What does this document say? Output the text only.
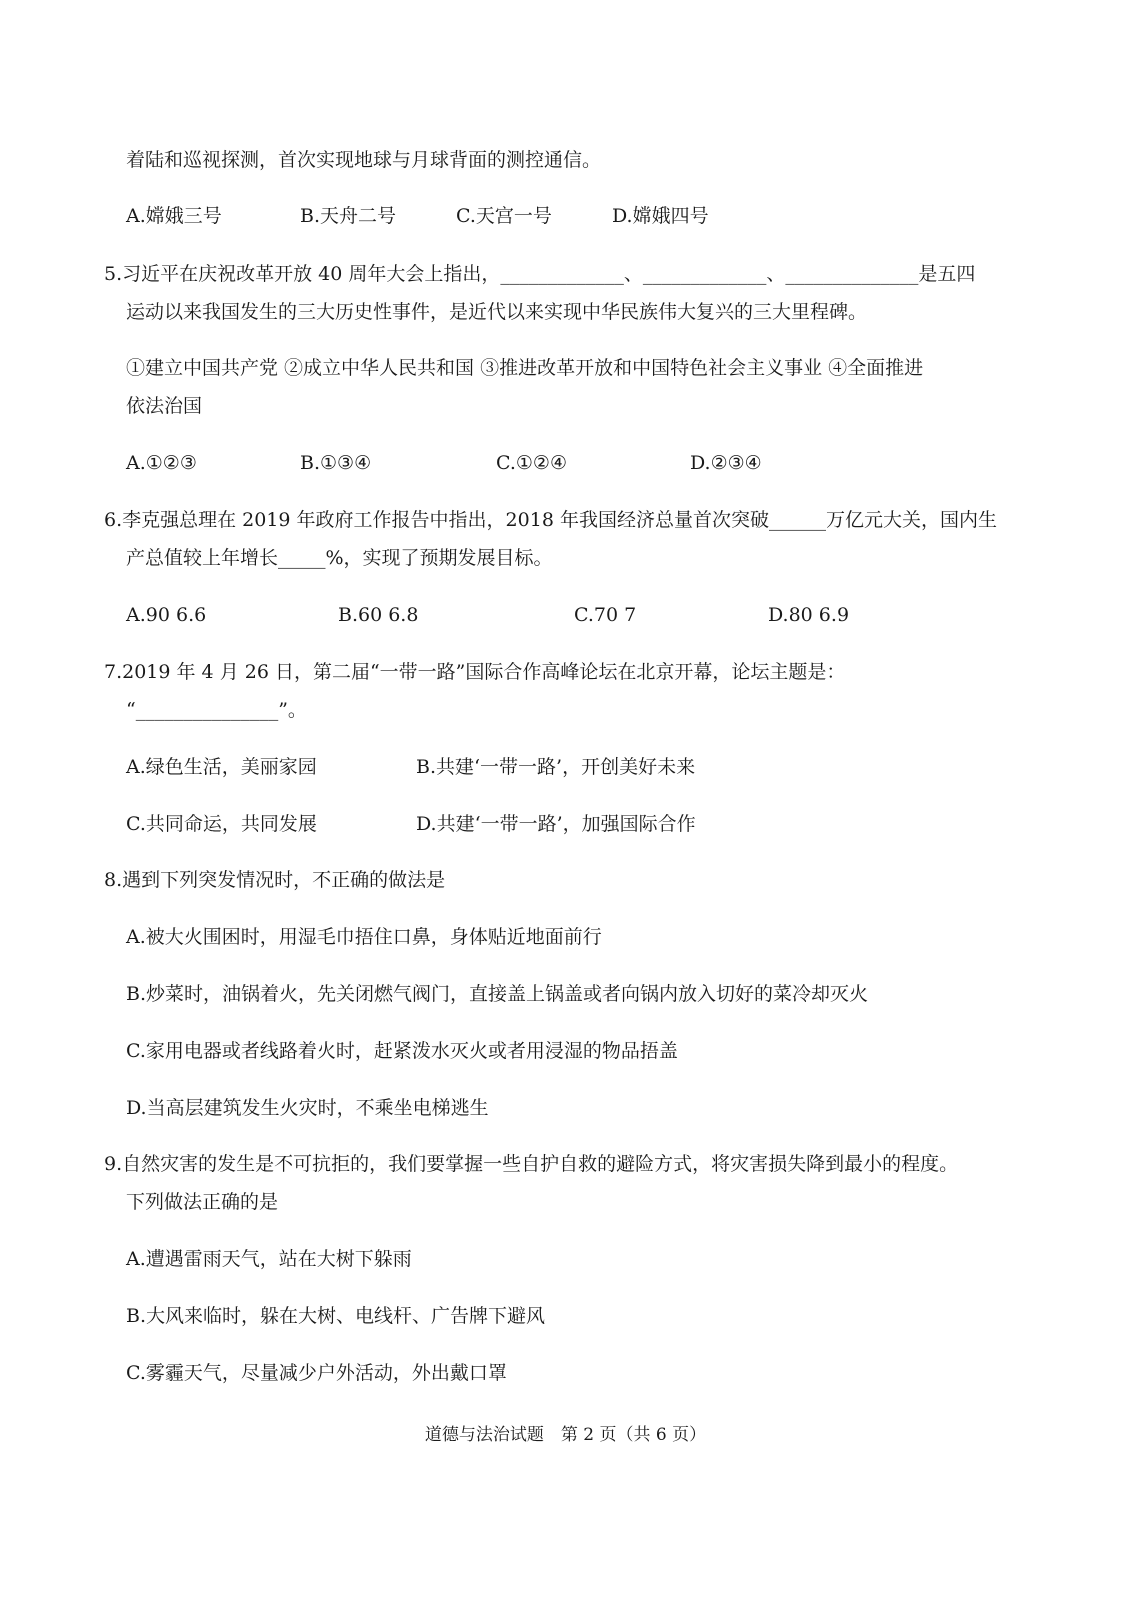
着陆和巡视探测，首次实现地球与月球背面的测控通信。
A.嫦娥三号	B.天舟二号	C.天宫一号	D.嫦娥四号
5.习近平在庆祝改革开放 40 周年大会上指出，_____________、_____________、______________是五四
运动以来我国发生的三大历史性事件，是近代以来实现中华民族伟大复兴的三大里程碑。
①建立中国共产党 ②成立中华人民共和国 ③推进改革开放和中国特色社会主义事业 ④全面推进
依法治国
A.①②③	B.①③④	C.①②④	D.②③④
6.李克强总理在 2019 年政府工作报告中指出，2018 年我国经济总量首次突破______万亿元大关，国内生
产总值较上年增长_____%，实现了预期发展目标。
A.90 6.6	B.60 6.8	C.70 7	D.80 6.9
7.2019 年 4 月 26 日，第二届“一带一路”国际合作高峰论坛在北京开幕，论坛主题是：
“_______________”。
A.绿色生活，美丽家园	B.共建‘一带一路’，开创美好未来
C.共同命运，共同发展	D.共建‘一带一路’，加强国际合作
8.遇到下列突发情况时，不正确的做法是
A.被大火围困时，用湿毛巾捂住口鼻，身体贴近地面前行
B.炒菜时，油锅着火，先关闭燃气阀门，直接盖上锅盖或者向锅内放入切好的菜冷却灭火
C.家用电器或者线路着火时，赶紧泼水灭火或者用浸湿的物品捂盖
D.当高层建筑发生火灾时，不乘坐电梯逃生
9.自然灾害的发生是不可抗拒的，我们要掌握一些自护自救的避险方式，将灾害损失降到最小的程度。
下列做法正确的是
A.遭遇雷雨天气，站在大树下躲雨
B.大风来临时，躲在大树、电线杆、广告牌下避风
C.雾霾天气，尽量减少户外活动，外出戴口罩
道德与法治试题　第 2 页（共 6 页）
